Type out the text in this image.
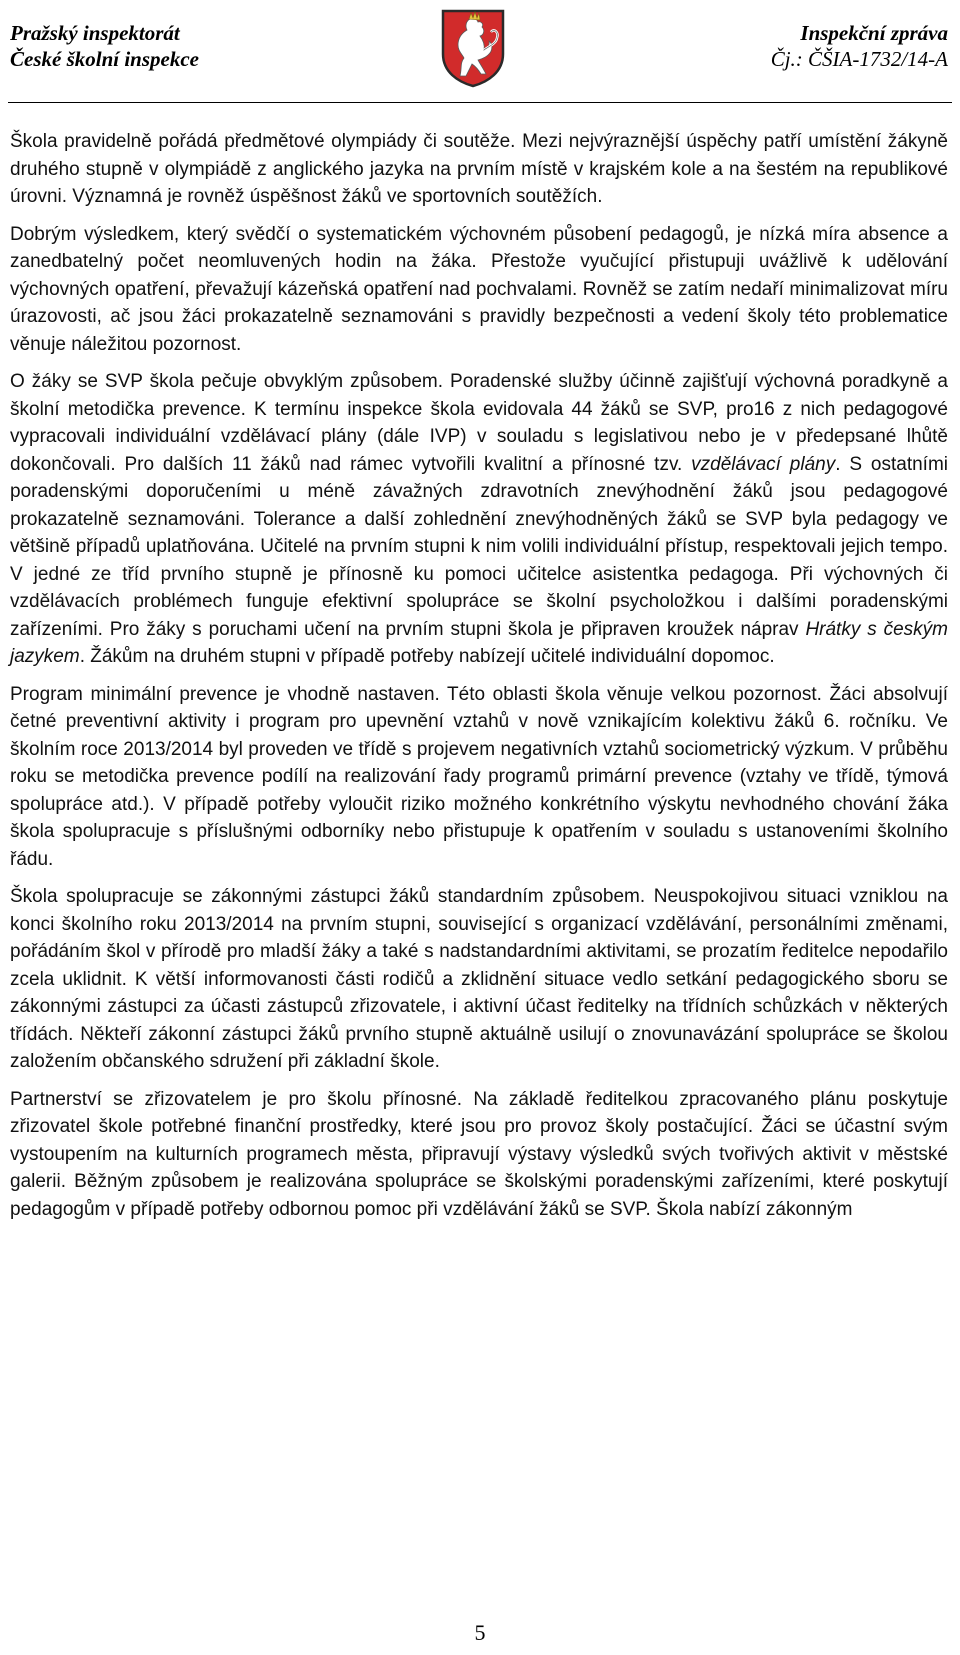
Pražský inspektorát
České školní inspekce
Inspekční zpráva
Čj.: ČŠIA-1732/14-A

Škola pravidelně pořádá předmětové olympiády či soutěže. Mezi nejvýraznější úspěchy patří umístění žákyně druhého stupně v olympiádě z anglického jazyka na prvním místě v krajském kole a na šestém na republikové úrovni. Významná je rovněž úspěšnost žáků ve sportovních soutěžích.

Dobrým výsledkem, který svědčí o systematickém výchovném působení pedagogů, je nízká míra absence a zanedbatelný počet neomluvených hodin na žáka. Přestože vyučující přistupuji uvážlivě k udělování výchovných opatření, převažují kázeňská opatření nad pochvalami. Rovněž se zatím nedaří minimalizovat míru úrazovosti, ač jsou žáci prokazatelně seznamováni s pravidly bezpečnosti a vedení školy této problematice věnuje náležitou pozornost.

O žáky se SVP škola pečuje obvyklým způsobem. Poradenské služby účinně zajišťují výchovná poradkyně a školní metodička prevence. K termínu inspekce škola evidovala 44 žáků se SVP, pro16 z nich pedagogové vypracovali individuální vzdělávací plány (dále IVP) v souladu s legislativou nebo je v předepsané lhůtě dokončovali. Pro dalších 11 žáků nad rámec vytvořili kvalitní a přínosné tzv. vzdělávací plány. S ostatními poradenskými doporučeními u méně závažných zdravotních znevýhodnění žáků jsou pedagogové prokazatelně seznamováni. Tolerance a další zohlednění znevýhodněných žáků se SVP byla pedagogy ve většině případů uplatňována. Učitelé na prvním stupni k nim volili individuální přístup, respektovali jejich tempo. V jedné ze tříd prvního stupně je přínosně ku pomoci učitelce asistentka pedagoga. Při výchovných či vzdělávacích problémech funguje efektivní spolupráce se školní psycholožkou i dalšími poradenskými zařízeními. Pro žáky s poruchami učení na prvním stupni škola je připraven kroužek náprav Hrátky s českým jazykem. Žákům na druhém stupni v případě potřeby nabízejí učitelé individuální dopomoc.

Program minimální prevence je vhodně nastaven. Této oblasti škola věnuje velkou pozornost. Žáci absolvují četné preventivní aktivity i program pro upevnění vztahů v nově vznikajícím kolektivu žáků 6. ročníku. Ve školním roce 2013/2014 byl proveden ve třídě s projevem negativních vztahů sociometrický výzkum. V průběhu roku se metodička prevence podílí na realizování řady programů primární prevence (vztahy ve třídě, týmová spolupráce atd.). V případě potřeby vyloučit riziko možného konkrétního výskytu nevhodného chování žáka škola spolupracuje s příslušnými odborníky nebo přistupuje k opatřením v souladu s ustanoveními školního řádu.

Škola spolupracuje se zákonnými zástupci žáků standardním způsobem. Neuspokojivou situaci vzniklou na konci školního roku 2013/2014 na prvním stupni, související s organizací vzdělávání, personálními změnami, pořádáním škol v přírodě pro mladší žáky a také s nadstandardními aktivitami, se prozatím ředitelce nepodařilo zcela uklidnit. K větší informovanosti části rodičů a zklidnění situace vedlo setkání pedagogického sboru se zákonnými zástupci za účasti zástupců zřizovatele, i aktivní účast ředitelky na třídních schůzkách v některých třídách. Někteří zákonní zástupci žáků prvního stupně aktuálně usilují o znovunavázání spolupráce se školou založením občanského sdružení při základní škole.

Partnerství se zřizovatelem je pro školu přínosné. Na základě ředitelkou zpracovaného plánu poskytuje zřizovatel škole potřebné finanční prostředky, které jsou pro provoz školy postačující. Žáci se účastní svým vystoupením na kulturních programech města, připravují výstavy výsledků svých tvořivých aktivit v městské galerii. Běžným způsobem je realizována spolupráce se školskými poradenskými zařízeními, které poskytují pedagogům v případě potřeby odbornou pomoc při vzdělávání žáků se SVP. Škola nabízí zákonným

5
